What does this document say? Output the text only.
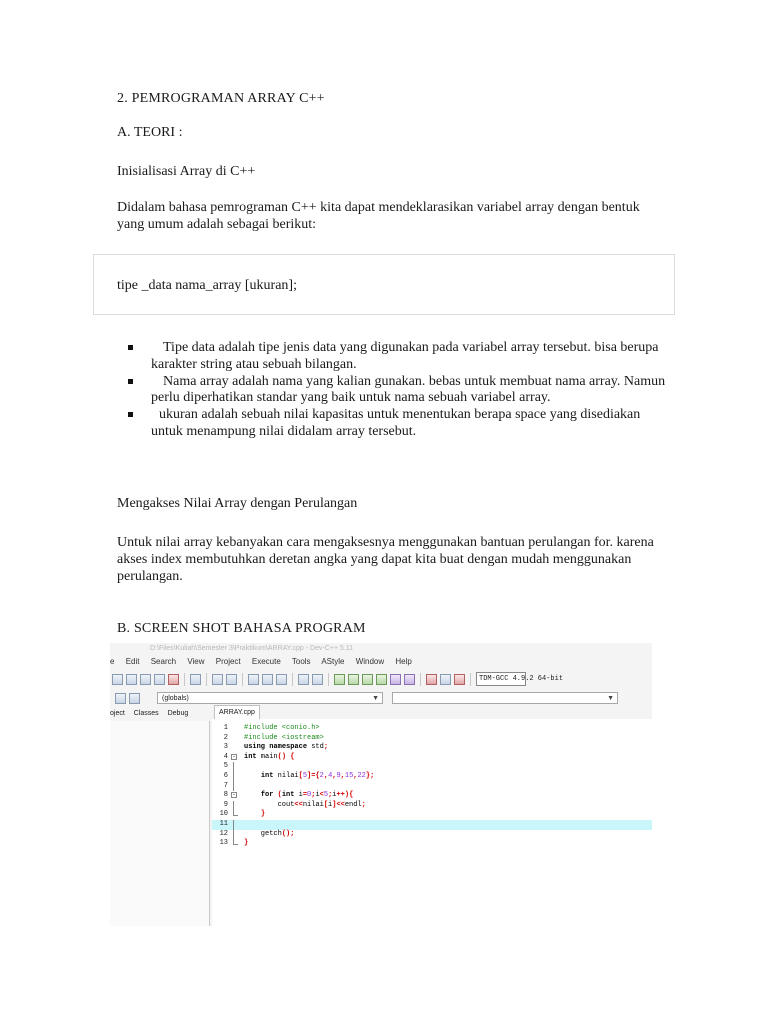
2. PEMROGRAMAN ARRAY C++

A. TEORI :

Inisialisasi Array di C++

Didalam bahasa pemrograman C++ kita dapat mendeklarasikan variabel array dengan bentuk yang umum adalah sebagai berikut:

tipe _data nama_array [ukuran];
Tipe data adalah tipe jenis data yang digunakan pada variabel array tersebut. bisa berupa karakter string atau sebuah bilangan.
Nama array adalah nama yang kalian gunakan. bebas untuk membuat nama array. Namun perlu diperhatikan standar yang baik untuk nama sebuah variabel array.
ukuran adalah sebuah nilai kapasitas untuk menentukan berapa space yang disediakan untuk menampung nilai didalam array tersebut.

Mengakses Nilai Array dengan Perulangan

Untuk nilai array kebanyakan cara mengaksesnya menggunakan bantuan perulangan for. karena akses index membutuhkan deretan angka yang dapat kita buat dengan mudah menggunakan perulangan.

B. SCREEN SHOT BAHASA PROGRAM

D:\Files\Kuliah\Semester 3\Praktikum\ARRAY.cpp - Dev-C++ 5.11
e Edit Search View Project Execute Tools AStyle Window Help
TDM-GCC 4.9.2 64-bit
(globals)	▼	▼
oject Classes Debug	ARRAY.cpp
1 #include <conio.h>
2 #include <iostream>
3 using namespace std;
4 - int main() {
5
6	int nilai[5]={2,4,9,15,22};
7
8 -	for (int i=0;i<5;i++){
9 cout<<nilai[i]<<endl;
10	}
11
12 getch();
13 }
